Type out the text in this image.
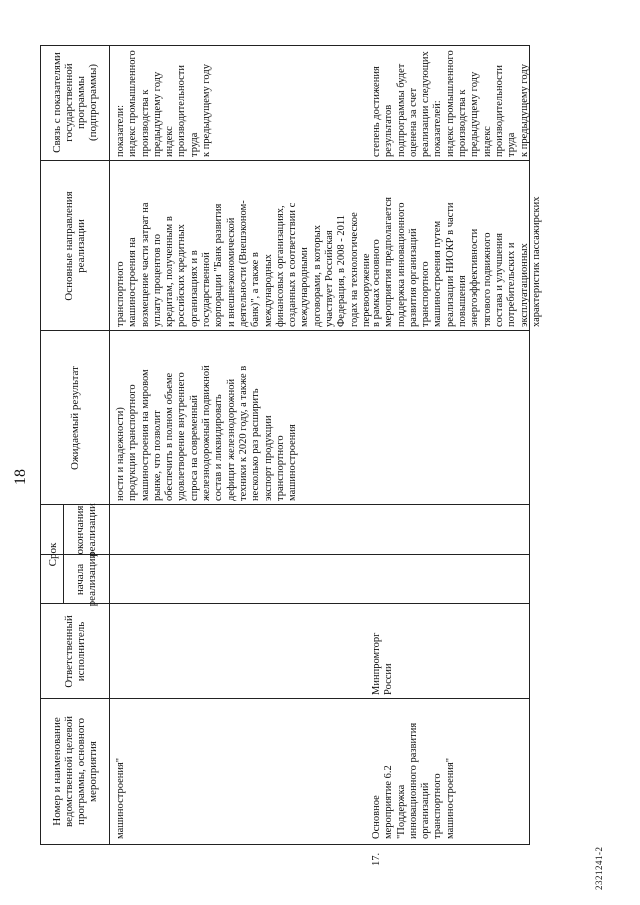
18
Номер и наименование ведомственной целевой программы, основного мероприятия
Ответственный исполнитель
Срок
начала реализации
окончания реализации
Ожидаемый результат
Основные направления реализации
Связь с показателями государственной программы (подпрограммы)
машиностроения"
ности и надежности)
продукции транспортного
машиностроения на мировом
рынке, что позволит
обеспечить в полном объеме
удовлетворение внутреннего
спроса на современный
железнодорожный подвижной
состав и ликвидировать
дефицит железнодорожной
техники к 2020 году, а также в
несколько раз расширить
экспорт продукции
транспортного
машиностроения
транспортного
машиностроения на
возмещение части затрат на
уплату процентов по
кредитам, полученным в
российских кредитных
организациях и в
государственной
корпорации "Банк развития
и внешнеэкономической
деятельности (Внешэконом-
банк)", а также в
международных
финансовых организациях,
созданных в соответствии с
международными
договорами, в которых
участвует Российская
Федерация, в 2008 - 2011
годах на технологическое
перевооружение
показатели:
индекс промышленного
производства к
предыдущему году
индекс
производительности труда
к предыдущему году
17.
Основное
мероприятие 6.2
"Поддержка
инновационного развития
организаций
транспортного
машиностроения"
Минпромторг
России
в рамках основного
мероприятия предполагается
поддержка инновационного
развития организаций
транспортного
машиностроения путем
реализации НИОКР в части
повышения
энергоэффективности
тягового подвижного
состава и улучшения
потребительских и
эксплуатационных
характеристик пассажирских
степень достижения
результатов
подпрограммы будет
оценена за счет
реализации следующих
показателей:
индекс промышленного
производства к
предыдущему году
индекс
производительности труда
к предыдущему году
2321241-2
